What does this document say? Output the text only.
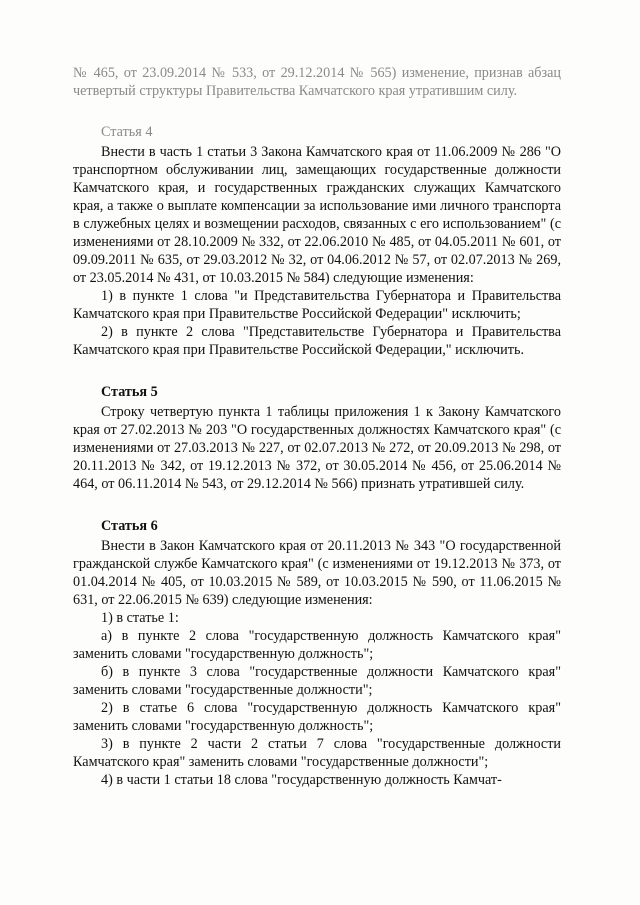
№ 465, от 23.09.2014 № 533, от 29.12.2014 № 565) изменение, признав абзац четвертый структуры Правительства Камчатского края утратившим силу.

Статья 4

Внести в часть 1 статьи 3 Закона Камчатского края от 11.06.2009 № 286 "О транспортном обслуживании лиц, замещающих государственные должности Камчатского края, и государственных гражданских служащих Камчатского края, а также о выплате компенсации за использование ими личного транспорта в служебных целях и возмещении расходов, связанных с его использованием" (с изменениями от 28.10.2009 № 332, от 22.06.2010 № 485, от 04.05.2011 № 601, от 09.09.2011 № 635, от 29.03.2012 № 32, от 04.06.2012 № 57, от 02.07.2013 № 269, от 23.05.2014 № 431, от 10.03.2015 № 584) следующие изменения:

1) в пункте 1 слова "и Представительства Губернатора и Правительства Камчатского края при Правительстве Российской Федерации" исключить;

2) в пункте 2 слова "Представительстве Губернатора и Правительства Камчатского края при Правительстве Российской Федерации," исключить.

Статья 5

Строку четвертую пункта 1 таблицы приложения 1 к Закону Камчатского края от 27.02.2013 № 203 "О государственных должностях Камчатского края" (с изменениями от 27.03.2013 № 227, от 02.07.2013 № 272, от 20.09.2013 № 298, от 20.11.2013 № 342, от 19.12.2013 № 372, от 30.05.2014 № 456, от 25.06.2014 № 464, от 06.11.2014 № 543, от 29.12.2014 № 566) признать утратившей силу.

Статья 6

Внести в Закон Камчатского края от 20.11.2013 № 343 "О государственной гражданской службе Камчатского края" (с изменениями от 19.12.2013 № 373, от 01.04.2014 № 405, от 10.03.2015 № 589, от 10.03.2015 № 590, от 11.06.2015 № 631, от 22.06.2015 № 639) следующие изменения:

1) в статье 1:

а) в пункте 2 слова "государственную должность Камчатского края" заменить словами "государственную должность";

б) в пункте 3 слова "государственные должности Камчатского края" заменить словами "государственные должности";

2) в статье 6 слова "государственную должность Камчатского края" заменить словами "государственную должность";

3) в пункте 2 части 2 статьи 7 слова "государственные должности Камчатского края" заменить словами "государственные должности";

4) в части 1 статьи 18 слова "государственную должность Камчат-
